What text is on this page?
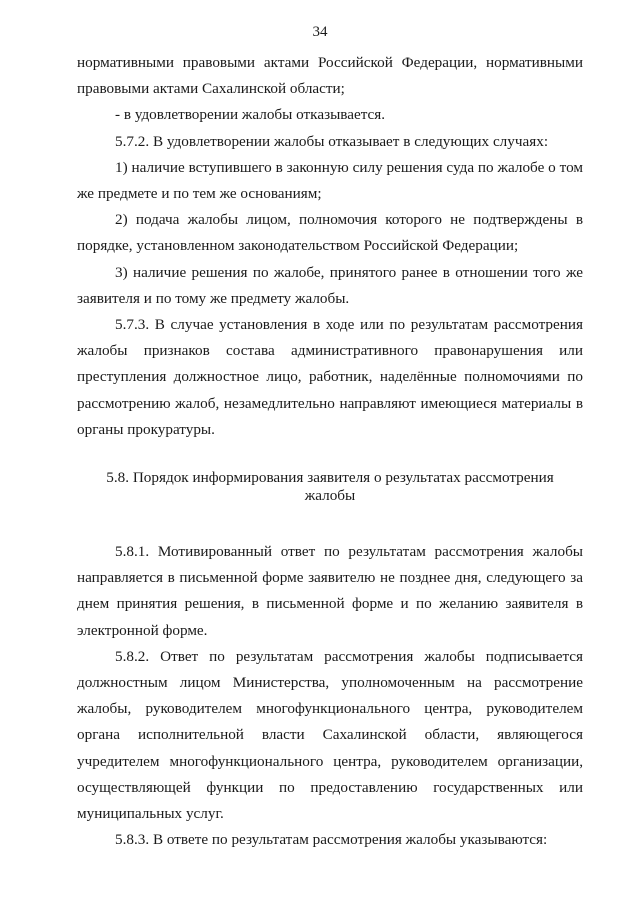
34

нормативными правовыми актами Российской Федерации, нормативными

правовыми актами Сахалинской области;

- в удовлетворении жалобы отказывается.

5.7.2. В удовлетворении жалобы отказывает в следующих случаях:

1) наличие вступившего в законную силу решения суда по жалобе о том

же предмете и по тем же основаниям;

2) подача жалобы лицом, полномочия которого не подтверждены в

порядке, установленном законодательством Российской Федерации;

3) наличие решения по жалобе, принятого ранее в отношении того же

заявителя и по тому же предмету жалобы.

5.7.3. В случае установления в ходе или по результатам рассмотрения

жалобы признаков состава административного правонарушения или

преступления должностное лицо, работник, наделённые полномочиями по

рассмотрению жалоб, незамедлительно направляют имеющиеся материалы в

органы прокуратуры.

5.8. Порядок информирования заявителя о результатах рассмотрения
жалобы

5.8.1. Мотивированный ответ по результатам рассмотрения жалобы

направляется в письменной форме заявителю не позднее дня, следующего за

днем принятия решения, в письменной форме и по желанию заявителя в

электронной форме.

5.8.2. Ответ по результатам рассмотрения жалобы подписывается

должностным лицом Министерства, уполномоченным на рассмотрение

жалобы, руководителем многофункционального центра, руководителем

органа исполнительной власти Сахалинской области, являющегося

учредителем многофункционального центра, руководителем организации,

осуществляющей функции по предоставлению государственных или

муниципальных услуг.

5.8.3. В ответе по результатам рассмотрения жалобы указываются:
